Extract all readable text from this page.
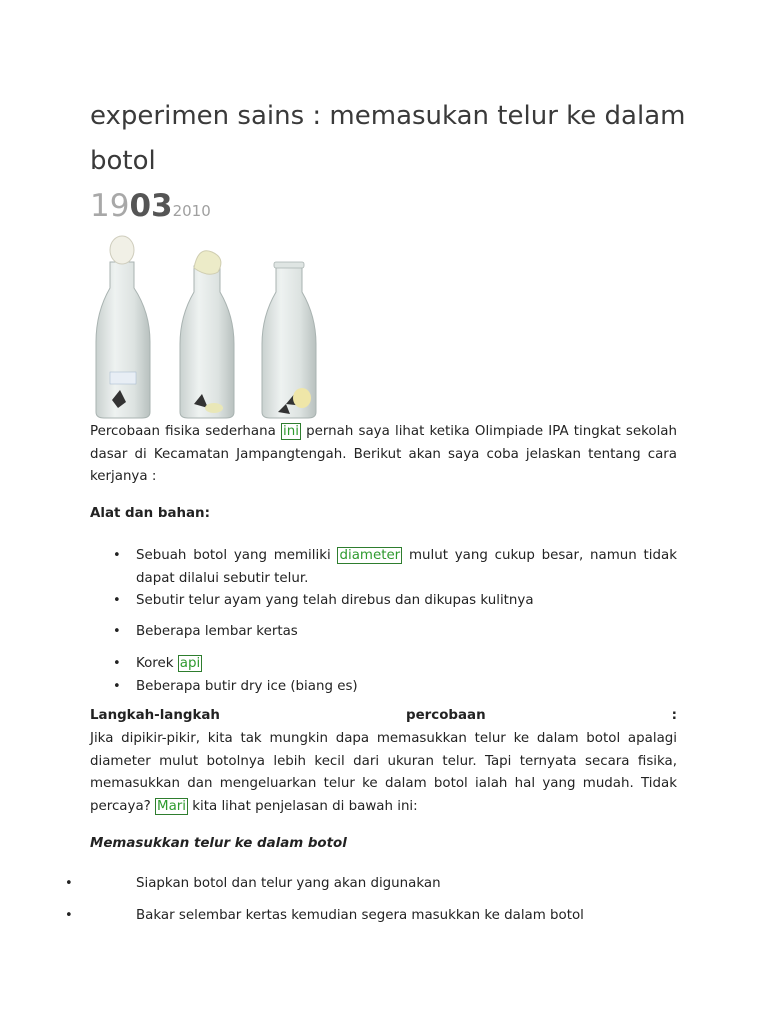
experimen sains : memasukan telur ke dalam botol
19032010

Percobaan fisika sederhana ini pernah saya lihat ketika Olimpiade IPA tingkat sekolah dasar di Kecamatan Jampangtengah. Berikut akan saya coba jelaskan tentang cara kerjanya :

Alat dan bahan:

• Sebuah botol yang memiliki diameter mulut yang cukup besar, namun tidak dapat dilalui sebutir telur.
• Sebutir telur ayam yang telah direbus dan dikupas kulitnya
• Beberapa lembar kertas
• Korek api
• Beberapa butir dry ice (biang es)
Langkah-langkah	percobaan	:

Jika dipikir-pikir, kita tak mungkin dapa memasukkan telur ke dalam botol apalagi diameter mulut botolnya lebih kecil dari ukuran telur. Tapi ternyata secara fisika, memasukkan dan mengeluarkan telur ke dalam botol ialah hal yang mudah. Tidak percaya? Mari kita lihat penjelasan di bawah ini:

Memasukkan telur ke dalam botol

•	Siapkan botol dan telur yang akan digunakan
•	Bakar selembar kertas kemudian segera masukkan ke dalam botol
